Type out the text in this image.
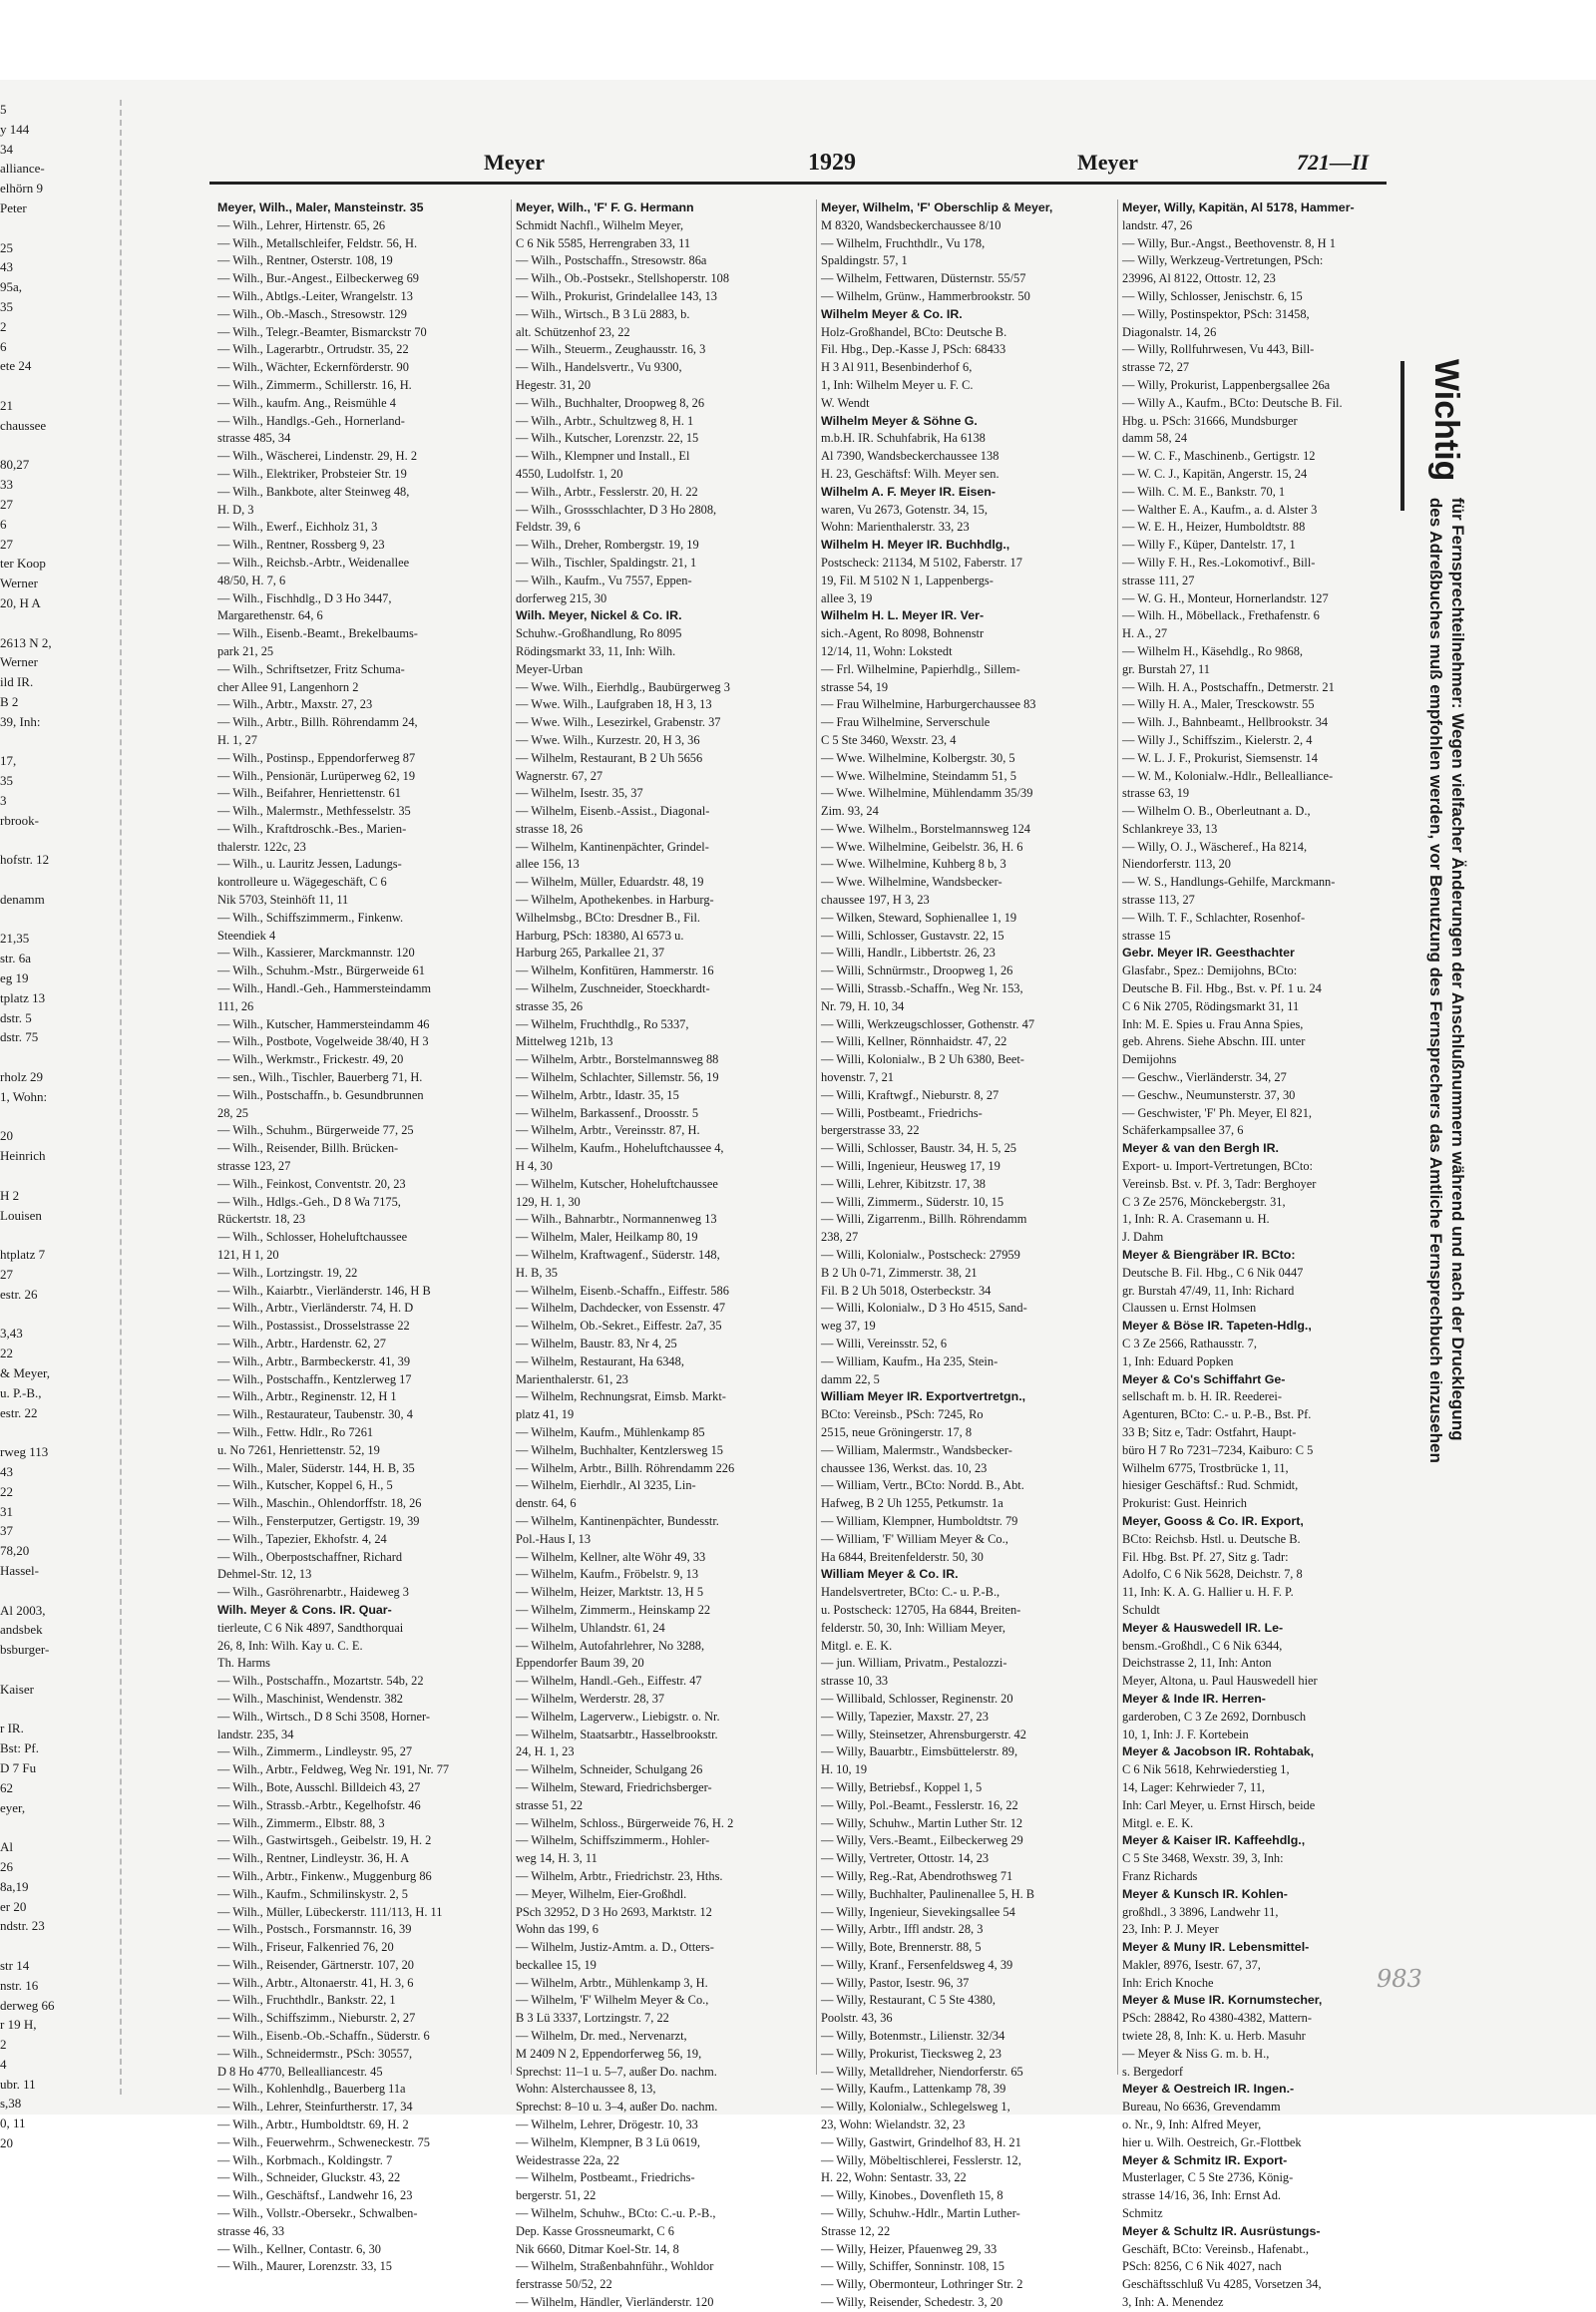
5
y 144
34
alliance-
elhörn 9
Peter

25
43
95a,
35
2
6
ete 24

21
chaussee

80,27
33
27
6
27
ter Koop
Werner
20, H A

2613 N 2,
Werner
ild IR.
B 2
39, Inh:

17,
35
3
rbrook-

hofstr. 12

denamm

21,35
str. 6a
eg 19
tplatz 13
dstr. 5
dstr. 75

rholz 29
1, Wohn:

20
Heinrich

H 2
Louisen

htplatz 7
27
estr. 26

3,43
22
& Meyer,
u. P.-B.,
estr. 22

rweg 113
43
22
31
37
78,20
Hassel-

Al 2003,
andsbek
bsburger-

Kaiser

r IR.
Bst: Pf.
D 7 Fu
62
eyer,

Al
26
8a,19
er 20
ndstr. 23

str 14
nstr. 16
derweg 66
r 19 H,
2
4
ubr. 11
s,38
0, 11
20
Meyer	1929	Meyer	721—II
Meyer, Wilh., Maler, Mansteinstr. 35
— Wilh., Lehrer, Hirtenstr. 65, 26
— Wilh., Metallschleifer, Feldstr. 56, H.
— Wilh., Rentner, Osterstr. 108, 19
— Wilh., Bur.-Angest., Eilbeckerweg 69
— Wilh., Abtlgs.-Leiter, Wrangelstr. 13
— Wilh., Ob.-Masch., Stresowstr. 129
— Wilh., Telegr.-Beamter, Bismarckstr 70
— Wilh., Lagerarbtr., Ortrudstr. 35, 22
— Wilh., Wächter, Eckernförderstr. 90
— Wilh., Zimmerm., Schillerstr. 16, H.
— Wilh., kaufm. Ang., Reismühle 4
— Wilh., Handlgs.-Geh., Hornerland-
strasse 485, 34
— Wilh., Wäscherei, Lindenstr. 29, H. 2
— Wilh., Elektriker, Probsteier Str. 19
— Wilh., Bankbote, alter Steinweg 48,
H. D, 3
— Wilh., Ewerf., Eichholz 31, 3
— Wilh., Rentner, Rossberg 9, 23
— Wilh., Reichsb.-Arbtr., Weidenallee
48/50, H. 7, 6
— Wilh., Fischhdlg., D 3 Ho 3447,
Margarethenstr. 64, 6
— Wilh., Eisenb.-Beamt., Brekelbaums-
park 21, 25
— Wilh., Schriftsetzer, Fritz Schuma-
cher Allee 91, Langenhorn 2
— Wilh., Arbtr., Maxstr. 27, 23
— Wilh., Arbtr., Billh. Röhrendamm 24,
H. 1, 27
— Wilh., Postinsp., Eppendorferweg 87
— Wilh., Pensionär, Lurüperweg 62, 19
— Wilh., Beifahrer, Henriettenstr. 61
— Wilh., Malermstr., Methfesselstr. 35
— Wilh., Kraftdroschk.-Bes., Marien-
thalerstr. 122c, 23
— Wilh., u. Lauritz Jessen, Ladungs-
kontrolleure u. Wägegeschäft, C 6
Nik 5703, Steinhöft 11, 11
— Wilh., Schiffszimmerm., Finkenw.
Steendiek 4
— Wilh., Kassierer, Marckmannstr. 120
— Wilh., Schuhm.-Mstr., Bürgerweide 61
— Wilh., Handl.-Geh., Hammersteindamm
111, 26
— Wilh., Kutscher, Hammersteindamm 46
— Wilh., Postbote, Vogelweide 38/40, H 3
— Wilh., Werkmstr., Frickestr. 49, 20
— sen., Wilh., Tischler, Bauerberg 71, H.
— Wilh., Postschaffn., b. Gesundbrunnen
28, 25
— Wilh., Schuhm., Bürgerweide 77, 25
— Wilh., Reisender, Billh. Brücken-
strasse 123, 27
— Wilh., Feinkost, Conventstr. 20, 23
— Wilh., Hdlgs.-Geh., D 8 Wa 7175,
Rückertstr. 18, 23
— Wilh., Schlosser, Hoheluftchaussee
121, H 1, 20
— Wilh., Lortzingstr. 19, 22
— Wilh., Kaiarbtr., Vierländerstr. 146, H B
— Wilh., Arbtr., Vierländerstr. 74, H. D
— Wilh., Postassist., Drosselstrasse 22
— Wilh., Arbtr., Hardenstr. 62, 27
— Wilh., Arbtr., Barmbeckerstr. 41, 39
— Wilh., Postschaffn., Kentzlerweg 17
— Wilh., Arbtr., Reginenstr. 12, H 1
— Wilh., Restaurateur, Taubenstr. 30, 4
— Wilh., Fettw. Hdlr., Ro 7261
u. No 7261, Henriettenstr. 52, 19
— Wilh., Maler, Süderstr. 144, H. B, 35
— Wilh., Kutscher, Koppel 6, H., 5
— Wilh., Maschin., Ohlendorffstr. 18, 26
— Wilh., Fensterputzer, Gertigstr. 19, 39
— Wilh., Tapezier, Ekhofstr. 4, 24
— Wilh., Oberpostschaffner, Richard
Dehmel-Str. 12, 13
— Wilh., Gasröhrenarbtr., Haideweg 3
Wilh. Meyer & Cons. IR. Quar-
tierleute, C 6 Nik 4897, Sandthorquai
26, 8, Inh: Wilh. Kay u. C. E.
Th. Harms
— Wilh., Postschaffn., Mozartstr. 54b, 22
— Wilh., Maschinist, Wendenstr. 382
— Wilh., Wirtsch., D 8 Schi 3508, Horner-
landstr. 235, 34
— Wilh., Zimmerm., Lindleystr. 95, 27
— Wilh., Arbtr., Feldweg, Weg Nr. 191, Nr. 77
— Wilh., Bote, Ausschl. Billdeich 43, 27
— Wilh., Strassb.-Arbtr., Kegelhofstr. 46
— Wilh., Zimmerm., Elbstr. 88, 3
— Wilh., Gastwirtsgeh., Geibelstr. 19, H. 2
— Wilh., Rentner, Lindleystr. 36, H. A
— Wilh., Arbtr., Finkenw., Muggenburg 86
— Wilh., Kaufm., Schmilinskystr. 2, 5
— Wilh., Müller, Lübeckerstr. 111/113, H. 11
— Wilh., Postsch., Forsmannstr. 16, 39
— Wilh., Friseur, Falkenried 76, 20
— Wilh., Reisender, Gärtnerstr. 107, 20
— Wilh., Arbtr., Altonaerstr. 41, H. 3, 6
— Wilh., Fruchthdlr., Bankstr. 22, 1
— Wilh., Schiffszimm., Nieburstr. 2, 27
— Wilh., Eisenb.-Ob.-Schaffn., Süderstr. 6
— Wilh., Schneidermstr., PSch: 30557,
D 8 Ho 4770, Bellealliancestr. 45
— Wilh., Kohlenhdlg., Bauerberg 11a
— Wilh., Lehrer, Steinfurtherstr. 17, 34
— Wilh., Arbtr., Humboldtstr. 69, H. 2
— Wilh., Feuerwehrm., Schweneckestr. 75
— Wilh., Korbmach., Koldingstr. 7
— Wilh., Schneider, Gluckstr. 43, 22
— Wilh., Geschäftsf., Landwehr 16, 23
— Wilh., Vollstr.-Obersekr., Schwalben-
strasse 46, 33
— Wilh., Kellner, Contastr. 6, 30
— Wilh., Maurer, Lorenzstr. 33, 15
Meyer, Wilh., 'F' F. G. Hermann
Schmidt Nachfl., Wilhelm Meyer,
C 6 Nik 5585, Herrengraben 33, 11
— Wilh., Postschaffn., Stresowstr. 86a
— Wilh., Ob.-Postsekr., Stellshoperstr. 108
— Wilh., Prokurist, Grindelallee 143, 13
— Wilh., Wirtsch., B 3 Lü 2883, b.
alt. Schützenhof 23, 22
— Wilh., Steuerm., Zeughausstr. 16, 3
— Wilh., Handelsvertr., Vu 9300,
Hegestr. 31, 20
— Wilh., Buchhalter, Droopweg 8, 26
— Wilh., Arbtr., Schultzweg 8, H. 1
— Wilh., Kutscher, Lorenzstr. 22, 15
— Wilh., Klempner und Install., El
4550, Ludolfstr. 1, 20
— Wilh., Arbtr., Fesslerstr. 20, H. 22
— Wilh., Grossschlachter, D 3 Ho 2808,
Feldstr. 39, 6
— Wilh., Dreher, Rombergstr. 19, 19
— Wilh., Tischler, Spaldingstr. 21, 1
— Wilh., Kaufm., Vu 7557, Eppen-
dorferweg 215, 30
Wilh. Meyer, Nickel & Co. IR.
Schuhw.-Großhandlung, Ro 8095
Rödingsmarkt 33, 11, Inh: Wilh.
Meyer-Urban
— Wwe. Wilh., Eierhdlg., Baubürgerweg 3
— Wwe. Wilh., Laufgraben 18, H 3, 13
— Wwe. Wilh., Lesezirkel, Grabenstr. 37
— Wwe. Wilh., Kurzestr. 20, H 3, 36
— Wilhelm, Restaurant, B 2 Uh 5656
Wagnerstr. 67, 27
— Wilhelm, Isestr. 35, 37
— Wilhelm, Eisenb.-Assist., Diagonal-
strasse 18, 26
— Wilhelm, Kantinenpächter, Grindel-
allee 156, 13
— Wilhelm, Müller, Eduardstr. 48, 19
— Wilhelm, Apothekenbes. in Harburg-
Wilhelmsbg., BCto: Dresdner B., Fil.
Harburg, PSch: 18380, Al 6573 u.
Harburg 265, Parkallee 21, 37
— Wilhelm, Konfitüren, Hammerstr. 16
— Wilhelm, Zuschneider, Stoeckhardt-
strasse 35, 26
— Wilhelm, Fruchthdlg., Ro 5337,
Mittelweg 121b, 13
— Wilhelm, Arbtr., Borstelmannsweg 88
— Wilhelm, Schlachter, Sillemstr. 56, 19
— Wilhelm, Arbtr., Idastr. 35, 15
— Wilhelm, Barkassenf., Droosstr. 5
— Wilhelm, Arbtr., Vereinsstr. 87, H.
— Wilhelm, Kaufm., Hoheluftchaussee 4,
H 4, 30
— Wilhelm, Kutscher, Hoheluftchaussee
129, H. 1, 30
— Wilh., Bahnarbtr., Normannenweg 13
— Wilhelm, Maler, Heilkamp 80, 19
— Wilhelm, Kraftwagenf., Süderstr. 148,
H. B, 35
— Wilhelm, Eisenb.-Schaffn., Eiffestr. 586
— Wilhelm, Dachdecker, von Essenstr. 47
— Wilhelm, Ob.-Sekret., Eiffestr. 2a7, 35
— Wilhelm, Baustr. 83, Nr 4, 25
— Wilhelm, Restaurant, Ha 6348,
Marienthalerstr. 61, 23
— Wilhelm, Rechnungsrat, Eimsb. Markt-
platz 41, 19
— Wilhelm, Kaufm., Mühlenkamp 85
— Wilhelm, Buchhalter, Kentzlersweg 15
— Wilhelm, Arbtr., Billh. Röhrendamm 226
— Wilhelm, Eierhdlr., Al 3235, Lin-
denstr. 64, 6
— Wilhelm, Kantinenpächter, Bundesstr.
Pol.-Haus I, 13
— Wilhelm, Kellner, alte Wöhr 49, 33
— Wilhelm, Kaufm., Fröbelstr. 9, 13
— Wilhelm, Heizer, Marktstr. 13, H 5
— Wilhelm, Zimmerm., Heinskamp 22
— Wilhelm, Uhlandstr. 61, 24
— Wilhelm, Autofahrlehrer, No 3288,
Eppendorfer Baum 39, 20
— Wilhelm, Handl.-Geh., Eiffestr. 47
— Wilhelm, Werderstr. 28, 37
— Wilhelm, Lagerverw., Liebigstr. o. Nr.
— Wilhelm, Staatsarbtr., Hasselbrookstr.
24, H. 1, 23
— Wilhelm, Schneider, Schulgang 26
— Wilhelm, Steward, Friedrichsberger-
strasse 51, 22
— Wilhelm, Schloss., Bürgerweide 76, H. 2
— Wilhelm, Schiffszimmerm., Hohler-
weg 14, H. 3, 11
— Wilhelm, Arbtr., Friedrichstr. 23, Hths.
— Meyer, Wilhelm, Eier-Großhdl.
PSch 32952, D 3 Ho 2693, Marktstr. 12
Wohn das 199, 6
— Wilhelm, Justiz-Amtm. a. D., Otters-
beckallee 15, 19
— Wilhelm, Arbtr., Mühlenkamp 3, H.
— Wilhelm, 'F' Wilhelm Meyer & Co.,
B 3 Lü 3337, Lortzingstr. 7, 22
— Wilhelm, Dr. med., Nervenarzt,
M 2409 N 2, Eppendorferweg 56, 19,
Sprechst: 11–1 u. 5–7, außer Do. nachm.
Wohn: Alsterchaussee 8, 13,
Sprechst: 8–10 u. 3–4, außer Do. nachm.
— Wilhelm, Lehrer, Drögestr. 10, 33
— Wilhelm, Klempner, B 3 Lü 0619,
Weidestrasse 22a, 22
— Wilhelm, Postbeamt., Friedrichs-
bergerstr. 51, 22
— Wilhelm, Schuhw., BCto: C.-u. P.-B.,
Dep. Kasse Grossneumarkt, C 6
Nik 6660, Ditmar Koel-Str. 14, 8
— Wilhelm, Straßenbahnführ., Wohldor
ferstrasse 50/52, 22
— Wilhelm, Händler, Vierländerstr. 120
Meyer, Wilhelm, 'F' Oberschlip & Meyer,
M 8320, Wandsbeckerchaussee 8/10
— Wilhelm, Fruchthdlr., Vu 178,
Spaldingstr. 57, 1
— Wilhelm, Fettwaren, Düsternstr. 55/57
— Wilhelm, Grünw., Hammerbrookstr. 50
Wilhelm Meyer & Co. IR.
Holz-Großhandel, BCto: Deutsche B.
Fil. Hbg., Dep.-Kasse J, PSch: 68433
H 3 Al 911, Besenbinderhof 6,
1, Inh: Wilhelm Meyer u. F. C.
W. Wendt
Wilhelm Meyer & Söhne G.
m.b.H. IR. Schuhfabrik, Ha 6138
Al 7390, Wandsbeckerchaussee 138
H. 23, Geschäftsf: Wilh. Meyer sen.
Wilhelm A. F. Meyer IR. Eisen-
waren, Vu 2673, Gotenstr. 34, 15,
Wohn: Marienthalerstr. 33, 23
Wilhelm H. Meyer IR. Buchhdlg.,
Postscheck: 21134, M 5102, Faberstr. 17
19, Fil. M 5102 N 1, Lappenbergs-
allee 3, 19
Wilhelm H. L. Meyer IR. Ver-
sich.-Agent, Ro 8098, Bohnenstr
12/14, 11, Wohn: Lokstedt
— Frl. Wilhelmine, Papierhdlg., Sillem-
strasse 54, 19
— Frau Wilhelmine, Harburgerchaussee 83
— Frau Wilhelmine, Serverschule
C 5 Ste 3460, Wexstr. 23, 4
— Wwe. Wilhelmine, Kolbergstr. 30, 5
— Wwe. Wilhelmine, Steindamm 51, 5
— Wwe. Wilhelmine, Mühlendamm 35/39
Zim. 93, 24
— Wwe. Wilhelm., Borstelmannsweg 124
— Wwe. Wilhelmine, Geibelstr. 36, H. 6
— Wwe. Wilhelmine, Kuhberg 8 b, 3
— Wwe. Wilhelmine, Wandsbecker-
chaussee 197, H 3, 23
— Wilken, Steward, Sophienallee 1, 19
— Willi, Schlosser, Gustavstr. 22, 15
— Willi, Handlr., Libbertstr. 26, 23
— Willi, Schnürmstr., Droopweg 1, 26
— Willi, Strassb.-Schaffn., Weg Nr. 153,
Nr. 79, H. 10, 34
— Willi, Werkzeugschlosser, Gothenstr. 47
— Willi, Kellner, Rönnhaidstr. 47, 22
— Willi, Kolonialw., B 2 Uh 6380, Beet-
hovenstr. 7, 21
— Willi, Kraftwgf., Nieburstr. 8, 27
— Willi, Postbeamt., Friedrichs-
bergerstrasse 33, 22
— Willi, Schlosser, Baustr. 34, H. 5, 25
— Willi, Ingenieur, Heusweg 17, 19
— Willi, Lehrer, Kibitzstr. 17, 38
— Willi, Zimmerm., Süderstr. 10, 15
— Willi, Zigarrenm., Billh. Röhrendamm
238, 27
— Willi, Kolonialw., Postscheck: 27959
B 2 Uh 0-71, Zimmerstr. 38, 21
Fil. B 2 Uh 5018, Osterbeckstr. 34
— Willi, Kolonialw., D 3 Ho 4515, Sand-
weg 37, 19
— Willi, Vereinsstr. 52, 6
— William, Kaufm., Ha 235, Stein-
damm 22, 5
William Meyer IR. Exportvertretgn.,
BCto: Vereinsb., PSch: 7245, Ro
2515, neue Gröningerstr. 17, 8
— William, Malermstr., Wandsbecker-
chaussee 136, Werkst. das. 10, 23
— William, Vertr., BCto: Nordd. B., Abt.
Hafweg, B 2 Uh 1255, Petkumstr. 1a
— William, Klempner, Humboldtstr. 79
— William, 'F' William Meyer & Co.,
Ha 6844, Breitenfelderstr. 50, 30
William Meyer & Co. IR.
Handelsvertreter, BCto: C.- u. P.-B.,
u. Postscheck: 12705, Ha 6844, Breiten-
felderstr. 50, 30, Inh: William Meyer,
Mitgl. e. E. K.
— jun. William, Privatm., Pestalozzi-
strasse 10, 33
— Willibald, Schlosser, Reginenstr. 20
— Willy, Tapezier, Maxstr. 27, 23
— Willy, Steinsetzer, Ahrensburgerstr. 42
— Willy, Bauarbtr., Eimsbüttelerstr. 89,
H. 10, 19
— Willy, Betriebsf., Koppel 1, 5
— Willy, Pol.-Beamt., Fesslerstr. 16, 22
— Willy, Schuhw., Martin Luther Str. 12
— Willy, Vers.-Beamt., Eilbeckerweg 29
— Willy, Vertreter, Ottostr. 14, 23
— Willy, Reg.-Rat, Abendrothsweg 71
— Willy, Buchhalter, Paulinenallee 5, H. B
— Willy, Ingenieur, Sievekingsallee 54
— Willy, Arbtr., Iffl andstr. 28, 3
— Willy, Bote, Brennerstr. 88, 5
— Willy, Kranf., Fersenfeldsweg 4, 39
— Willy, Pastor, Isestr. 96, 37
— Willy, Restaurant, C 5 Ste 4380,
Poolstr. 43, 36
— Willy, Botenmstr., Lilienstr. 32/34
— Willy, Prokurist, Tiecksweg 2, 23
— Willy, Metalldreher, Niendorferstr. 65
— Willy, Kaufm., Lattenkamp 78, 39
— Willy, Kolonialw., Schlegelsweg 1,
23, Wohn: Wielandstr. 32, 23
— Willy, Gastwirt, Grindelhof 83, H. 21
— Willy, Möbeltischlerei, Fesslerstr. 12,
H. 22, Wohn: Sentastr. 33, 22
— Willy, Kinobes., Dovenfleth 15, 8
— Willy, Schuhw.-Hdlr., Martin Luther-
Strasse 12, 22
— Willy, Heizer, Pfauenweg 29, 33
— Willy, Schiffer, Sonninstr. 108, 15
— Willy, Obermonteur, Lothringer Str. 2
— Willy, Reisender, Schedestr. 3, 20
Meyer, Willy, Kapitän, Al 5178, Hammer-
landstr. 47, 26
— Willy, Bur.-Angst., Beethovenstr. 8, H 1
— Willy, Werkzeug-Vertretungen, PSch:
23996, Al 8122, Ottostr. 12, 23
— Willy, Schlosser, Jenischstr. 6, 15
— Willy, Postinspektor, PSch: 31458,
Diagonalstr. 14, 26
— Willy, Rollfuhrwesen, Vu 443, Bill-
strasse 72, 27
— Willy, Prokurist, Lappenbergsallee 26a
— Willy A., Kaufm., BCto: Deutsche B. Fil.
Hbg. u. PSch: 31666, Mundsburger
damm 58, 24
— W. C. F., Maschinenb., Gertigstr. 12
— W. C. J., Kapitän, Angerstr. 15, 24
— Wilh. C. M. E., Bankstr. 70, 1
— Walther E. A., Kaufm., a. d. Alster 3
— W. E. H., Heizer, Humboldtstr. 88
— Willy F., Küper, Dantelstr. 17, 1
— Willy F. H., Res.-Lokomotivf., Bill-
strasse 111, 27
— W. G. H., Monteur, Hornerlandstr. 127
— Wilh. H., Möbellack., Frethafenstr. 6
H. A., 27
— Wilhelm H., Käsehdlg., Ro 9868,
gr. Burstah 27, 11
— Wilh. H. A., Postschaffn., Detmerstr. 21
— Willy H. A., Maler, Tresckowstr. 55
— Wilh. J., Bahnbeamt., Hellbrookstr. 34
— Willy J., Schiffszim., Kielerstr. 2, 4
— W. L. J. F., Prokurist, Siemsenstr. 14
— W. M., Kolonialw.-Hdlr., Bellealliance-
strasse 63, 19
— Wilhelm O. B., Oberleutnant a. D.,
Schlankreye 33, 13
— Willy, O. J., Wäscheref., Ha 8214,
Niendorferstr. 113, 20
— W. S., Handlungs-Gehilfe, Marckmann-
strasse 113, 27
— Wilh. T. F., Schlachter, Rosenhof-
strasse 15
Gebr. Meyer IR. Geesthachter
Glasfabr., Spez.: Demijohns, BCto:
Deutsche B. Fil. Hbg., Bst. v. Pf. 1 u. 24
C 6 Nik 2705, Rödingsmarkt 31, 11
Inh: M. E. Spies u. Frau Anna Spies,
geb. Ahrens. Siehe Abschn. III. unter
Demijohns
— Geschw., Vierländerstr. 34, 27
— Geschw., Neumunsterstr. 37, 30
— Geschwister, 'F' Ph. Meyer, El 821,
Schäferkampsallee 37, 6
Meyer & van den Bergh IR.
Export- u. Import-Vertretungen, BCto:
Vereinsb. Bst. v. Pf. 3, Tadr: Berghoyer
C 3 Ze 2576, Mönckebergstr. 31,
1, Inh: R. A. Crasemann u. H.
J. Dahm
Meyer & Biengräber IR. BCto:
Deutsche B. Fil. Hbg., C 6 Nik 0447
gr. Burstah 47/49, 11, Inh: Richard
Claussen u. Ernst Holmsen
Meyer & Böse IR. Tapeten-Hdlg.,
C 3 Ze 2566, Rathausstr. 7,
1, Inh: Eduard Popken
Meyer & Co's Schiffahrt Ge-
sellschaft m. b. H. IR. Reederei-
Agenturen, BCto: C.- u. P.-B., Bst. Pf.
33 B; Sitz e, Tadr: Ostfahrt, Haupt-
büro H 7 Ro 7231–7234, Kaiburo: C 5
Wilhelm 6775, Trostbrücke 1, 11,
hiesiger Geschäftsf.: Rud. Schmidt,
Prokurist: Gust. Heinrich
Meyer, Gooss & Co. IR. Export,
BCto: Reichsb. Hstl. u. Deutsche B.
Fil. Hbg. Bst. Pf. 27, Sitz g. Tadr:
Adolfo, C 6 Nik 5628, Deichstr. 7, 8
11, Inh: K. A. G. Hallier u. H. F. P.
Schuldt
Meyer & Hauswedell IR. Le-
bensm.-Großhdl., C 6 Nik 6344,
Deichstrasse 2, 11, Inh: Anton
Meyer, Altona, u. Paul Hauswedell hier
Meyer & Inde IR. Herren-
garderoben, C 3 Ze 2692, Dornbusch
10, 1, Inh: J. F. Kortebein
Meyer & Jacobson IR. Rohtabak,
C 6 Nik 5618, Kehrwiederstieg 1,
14, Lager: Kehrwieder 7, 11,
Inh: Carl Meyer, u. Ernst Hirsch, beide
Mitgl. e. E. K.
Meyer & Kaiser IR. Kaffeehdlg.,
C 5 Ste 3468, Wexstr. 39, 3, Inh:
Franz Richards
Meyer & Kunsch IR. Kohlen-
großhdl., 3 3896, Landwehr 11,
23, Inh: P. J. Meyer
Meyer & Muny IR. Lebensmittel-
Makler, 8976, Isestr. 67, 37,
Inh: Erich Knoche
Meyer & Muse IR. Kornumstecher,
PSch: 28842, Ro 4380-4382, Mattern-
twiete 28, 8, Inh: K. u. Herb. Masuhr
— Meyer & Niss G. m. b. H.,
s. Bergedorf
Meyer & Oestreich IR. Ingen.-
Bureau, No 6636, Grevendamm
o. Nr., 9, Inh: Alfred Meyer,
hier u. Wilh. Oestreich, Gr.-Flottbek
Meyer & Schmitz IR. Export-
Musterlager, C 5 Ste 2736, König-
strasse 14/16, 36, Inh: Ernst Ad.
Schmitz
Meyer & Schultz IR. Ausrüstungs-
Geschäft, BCto: Vereinsb., Hafenabt.,
PSch: 8256, C 6 Nik 4027, nach
Geschäftsschluß Vu 4285, Vorsetzen 34,
3, Inh: A. Menendez
Wichtig für Fernsprechteilnehmer: Wegen vielfacher Änderungen der Anschlußnummern während und nach der Drucklegung
des Adreßbuches muß empfohlen werden, vor Benutzung des Fernsprechers das Amtliche Fernsprechbuch einzusehen
983
